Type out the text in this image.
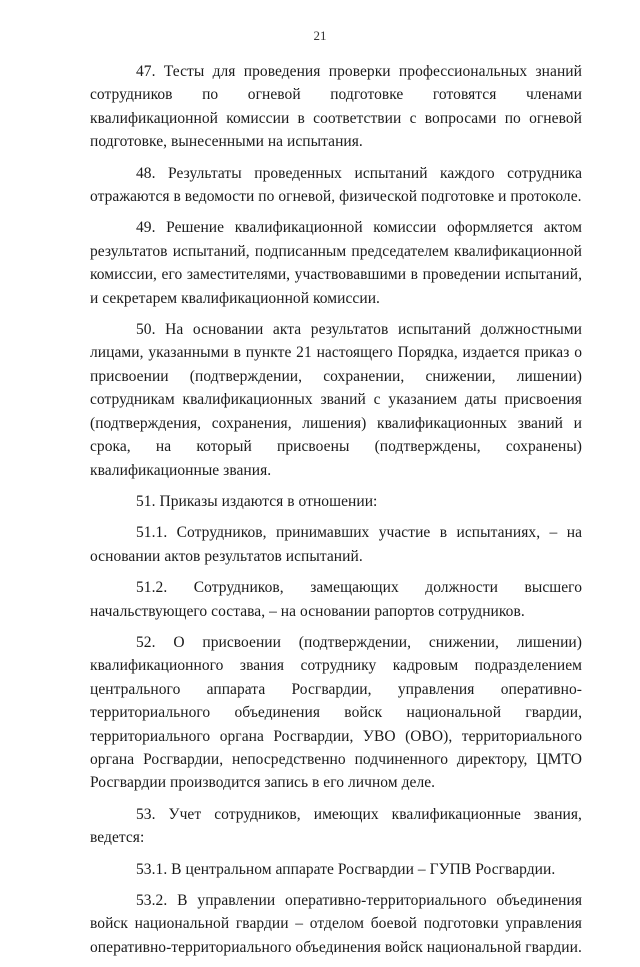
21

47. Тесты для проведения проверки профессиональных знаний сотрудников по огневой подготовке готовятся членами квалификационной комиссии в соответствии с вопросами по огневой подготовке, вынесенными на испытания.

48. Результаты проведенных испытаний каждого сотрудника отражаются в ведомости по огневой, физической подготовке и протоколе.

49. Решение квалификационной комиссии оформляется актом результатов испытаний, подписанным председателем квалификационной комиссии, его заместителями, участвовавшими в проведении испытаний, и секретарем квалификационной комиссии.

50. На основании акта результатов испытаний должностными лицами, указанными в пункте 21 настоящего Порядка, издается приказ о присвоении (подтверждении, сохранении, снижении, лишении) сотрудникам квалификационных званий с указанием даты присвоения (подтверждения, сохранения, лишения) квалификационных званий и срока, на который присвоены (подтверждены, сохранены) квалификационные звания.

51. Приказы издаются в отношении:

51.1. Сотрудников, принимавших участие в испытаниях, – на основании актов результатов испытаний.

51.2. Сотрудников, замещающих должности высшего начальствующего состава, – на основании рапортов сотрудников.

52. О присвоении (подтверждении, снижении, лишении) квалификационного звания сотруднику кадровым подразделением центрального аппарата Росгвардии, управления оперативно-территориального объединения войск национальной гвардии, территориального органа Росгвардии, УВО (ОВО), территориального органа Росгвардии, непосредственно подчиненного директору, ЦМТО Росгвардии производится запись в его личном деле.

53. Учет сотрудников, имеющих квалификационные звания, ведется:

53.1. В центральном аппарате Росгвардии – ГУПВ Росгвардии.

53.2. В управлении оперативно-территориального объединения войск национальной гвардии – отделом боевой подготовки управления оперативно-территориального объединения войск национальной гвардии.
